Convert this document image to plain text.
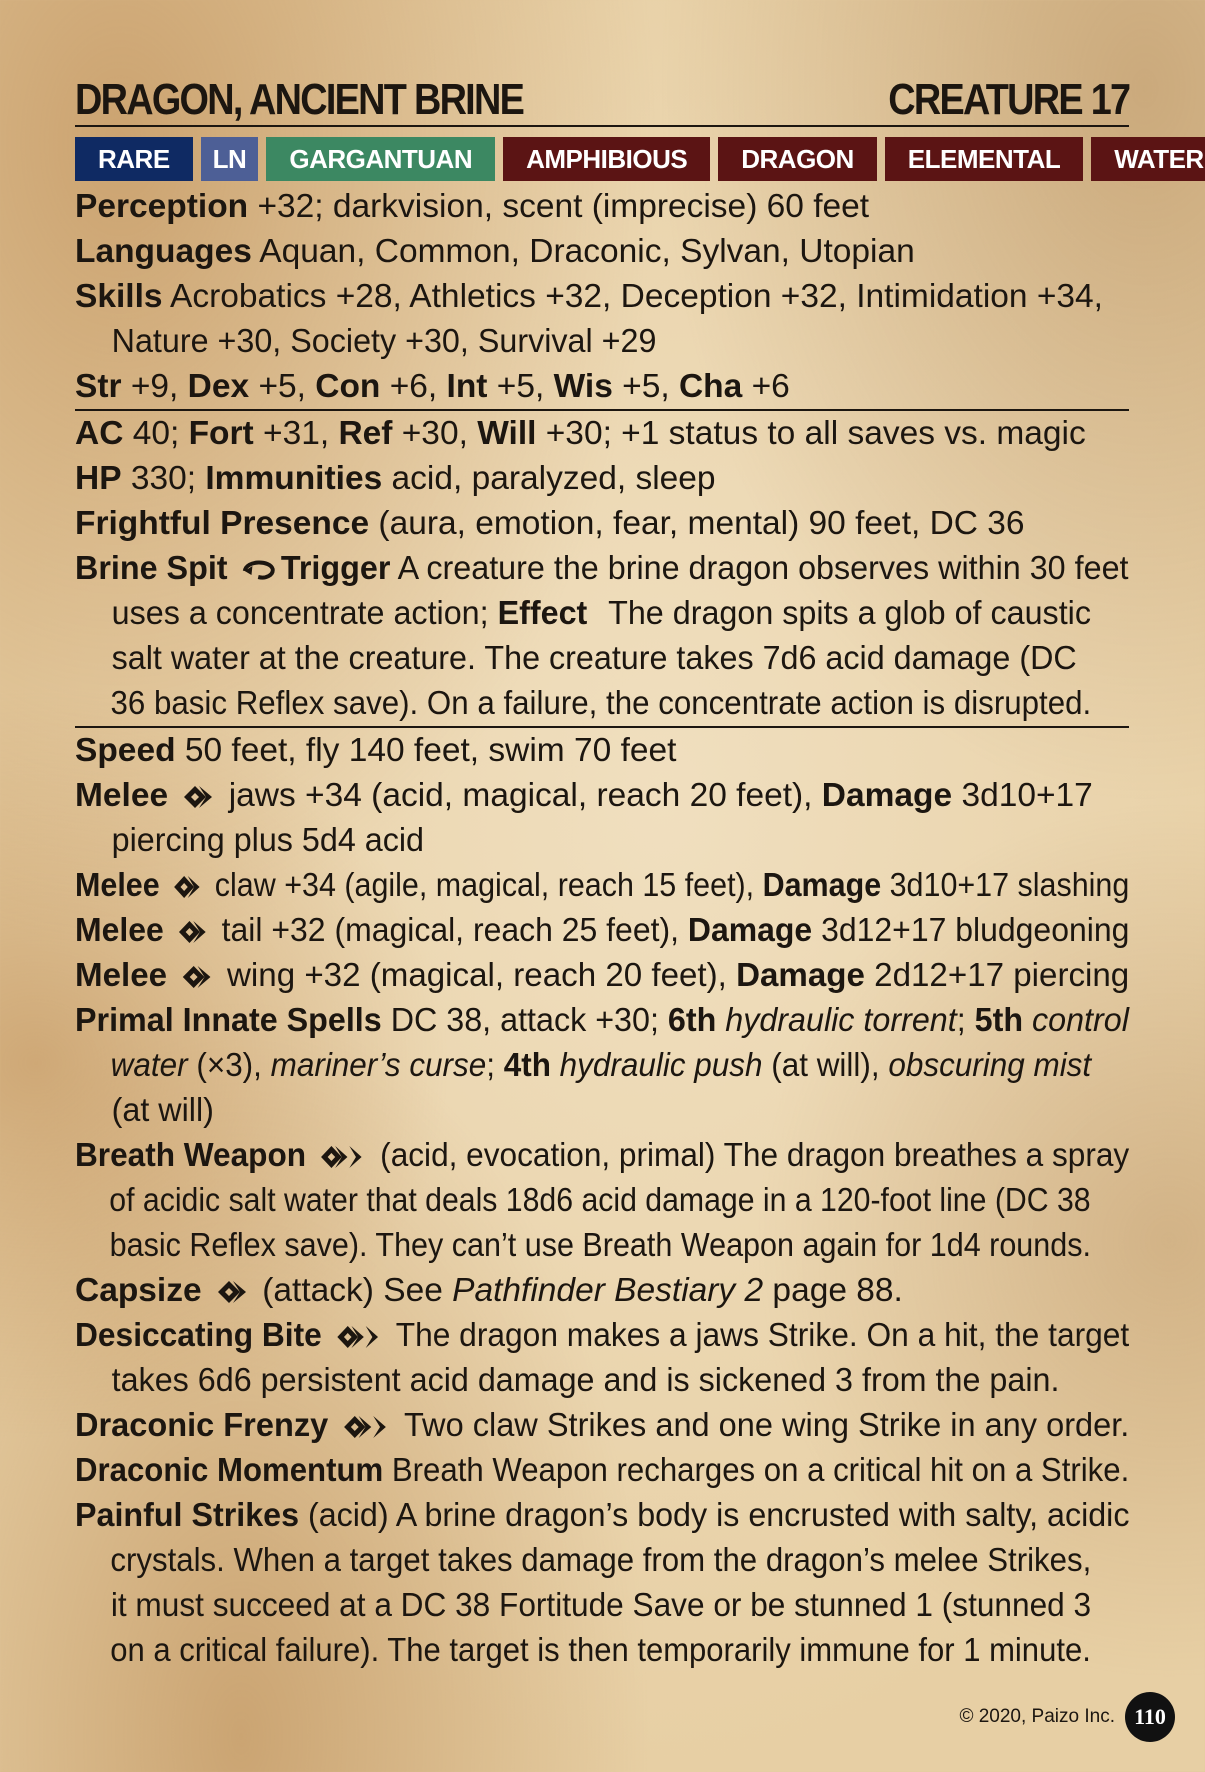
DRAGON, ANCIENT BRINE	CREATURE 17
RARE	LN	GARGANTUAN	AMPHIBIOUS	DRAGON	ELEMENTAL	WATER
Perception +32; darkvision, scent (imprecise) 60 feet
Languages Aquan, Common, Draconic, Sylvan, Utopian
Skills Acrobatics +28, Athletics +32, Deception +32, Intimidation +34,
Nature +30, Society +30, Survival +29
Str +9, Dex +5, Con +6, Int +5, Wis +5, Cha +6
AC 40; Fort +31, Ref +30, Will +30; +1 status to all saves vs. magic
HP 330; Immunities acid, paralyzed, sleep
Frightful Presence (aura, emotion, fear, mental) 90 feet, DC 36
Brine Spit Trigger A creature the brine dragon observes within 30 feet
uses a concentrate action; Effect The dragon spits a glob of caustic
salt water at the creature. The creature takes 7d6 acid damage (DC
36 basic Reflex save). On a failure, the concentrate action is disrupted.
Speed 50 feet, fly 140 feet, swim 70 feet
Melee  jaws +34 (acid, magical, reach 20 feet), Damage 3d10+17
piercing plus 5d4 acid
Melee  claw +34 (agile, magical, reach 15 feet), Damage 3d10+17 slashing
Melee  tail +32 (magical, reach 25 feet), Damage 3d12+17 bludgeoning
Melee  wing +32 (magical, reach 20 feet), Damage 2d12+17 piercing
Primal Innate Spells DC 38, attack +30; 6th hydraulic torrent; 5th control
water (×3), mariner’s curse; 4th hydraulic push (at will), obscuring mist
(at will)
Breath Weapon  (acid, evocation, primal) The dragon breathes a spray
of acidic salt water that deals 18d6 acid damage in a 120-foot line (DC 38
basic Reflex save). They can’t use Breath Weapon again for 1d4 rounds.
Capsize  (attack) See Pathfinder Bestiary 2 page 88.
Desiccating Bite  The dragon makes a jaws Strike. On a hit, the target
takes 6d6 persistent acid damage and is sickened 3 from the pain.
Draconic Frenzy  Two claw Strikes and one wing Strike in any order.
Draconic Momentum Breath Weapon recharges on a critical hit on a Strike.
Painful Strikes (acid) A brine dragon’s body is encrusted with salty, acidic
crystals. When a target takes damage from the dragon’s melee Strikes,
it must succeed at a DC 38 Fortitude Save or be stunned 1 (stunned 3
on a critical failure). The target is then temporarily immune for 1 minute.
© 2020, Paizo Inc. 110
